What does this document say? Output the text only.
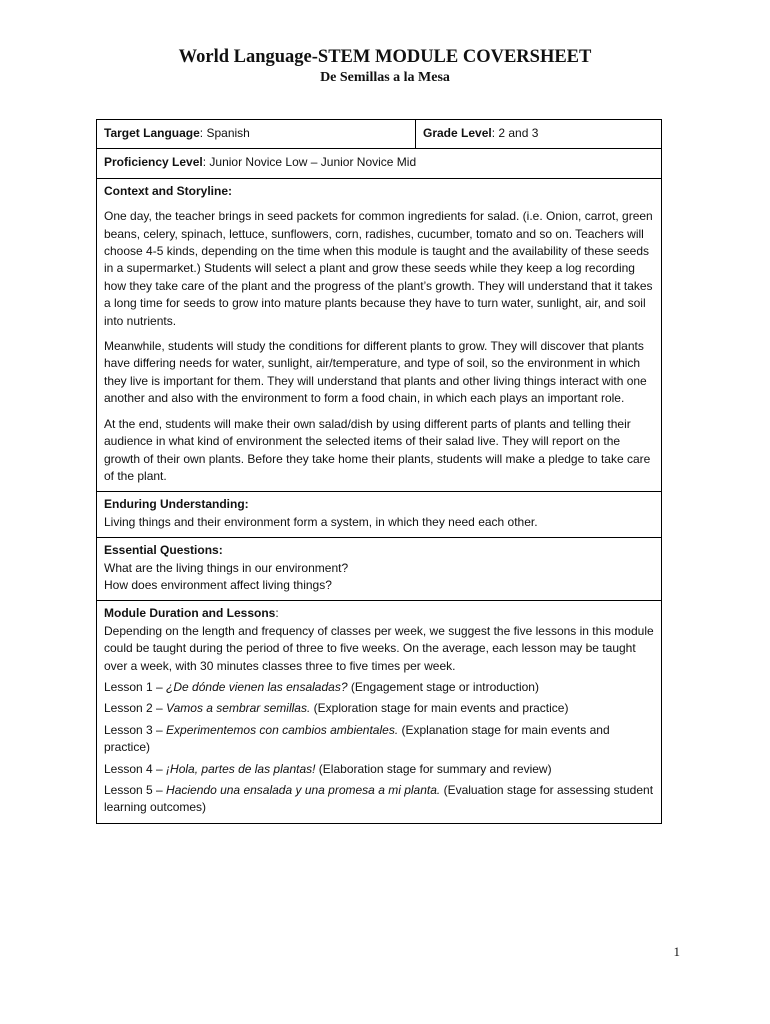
World Language-STEM MODULE COVERSHEET
De Semillas a la Mesa
Target Language: Spanish	Grade Level: 2 and 3
Proficiency Level: Junior Novice Low – Junior Novice Mid

Context and Storyline:

One day, the teacher brings in seed packets for common ingredients for salad. (i.e. Onion, carrot, green beans, celery, spinach, lettuce, sunflowers, corn, radishes, cucumber, tomato and so on. Teachers will choose 4-5 kinds, depending on the time when this module is taught and the availability of these seeds in a supermarket.) Students will select a plant and grow these seeds while they keep a log recording how they take care of the plant and the progress of the plant’s growth. They will understand that it takes a long time for seeds to grow into mature plants because they have to turn water, sunlight, air, and soil into nutrients.

Meanwhile, students will study the conditions for different plants to grow. They will discover that plants have differing needs for water, sunlight, air/temperature, and type of soil, so the environment in which they live is important for them. They will understand that plants and other living things interact with one another and also with the environment to form a food chain, in which each plays an important role.

At the end, students will make their own salad/dish by using different parts of plants and telling their audience in what kind of environment the selected items of their salad live. They will report on the growth of their own plants. Before they take home their plants, students will make a pledge to take care of the plant.

Enduring Understanding:

Living things and their environment form a system, in which they need each other.

Essential Questions:

What are the living things in our environment?

How does environment affect living things?

Module Duration and Lessons:

Depending on the length and frequency of classes per week, we suggest the five lessons in this module could be taught during the period of three to five weeks. On the average, each lesson may be taught over a week, with 30 minutes classes three to five times per week.

Lesson 1 – ¿De dónde vienen las ensaladas? (Engagement stage or introduction)

Lesson 2 – Vamos a sembrar semillas. (Exploration stage for main events and practice)

Lesson 3 – Experimentemos con cambios ambientales. (Explanation stage for main events and practice)

Lesson 4 – ¡Hola, partes de las plantas! (Elaboration stage for summary and review)

Lesson 5 – Haciendo una ensalada y una promesa a mi planta. (Evaluation stage for assessing student learning outcomes)

1
